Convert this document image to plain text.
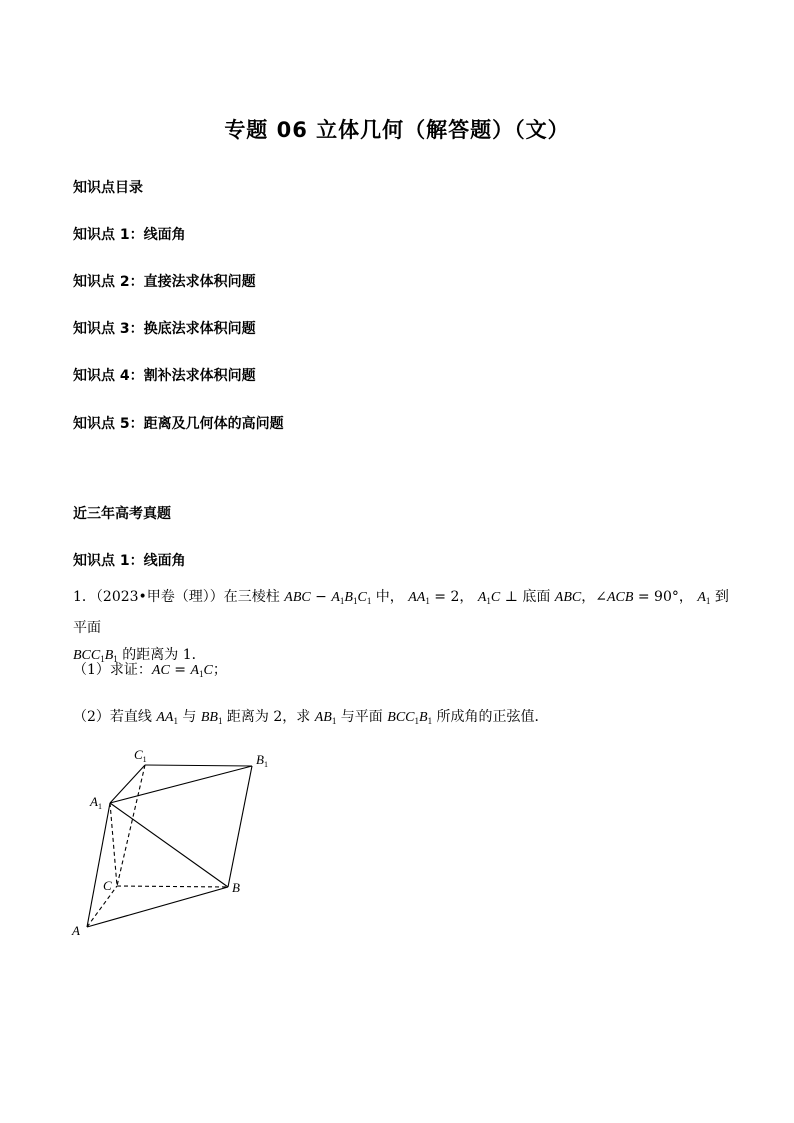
专题 06 立体几何（解答题）（文）
知识点目录
知识点 1：线面角
知识点 2：直接法求体积问题
知识点 3：换底法求体积问题
知识点 4：割补法求体积问题
知识点 5：距离及几何体的高问题
近三年高考真题
知识点 1：线面角
1．（2023•甲卷（理））在三棱柱 ABC − $A_1B_1C_1$ 中， $AA_1 = 2$， $A_1C$ ⊥ 底面 ABC，∠ACB = 90°， $A_1$ 到平面
$BCC_1B_1$ 的距离为 1．
（1）求证：AC = $A_1C$；
（2）若直线 $AA_1$ 与 $BB_1$ 距离为 2，求 $AB_1$ 与平面 $BCC_1B_1$ 所成角的正弦值．
$C_1$	$B_1$
$A_1$
C	B
A
